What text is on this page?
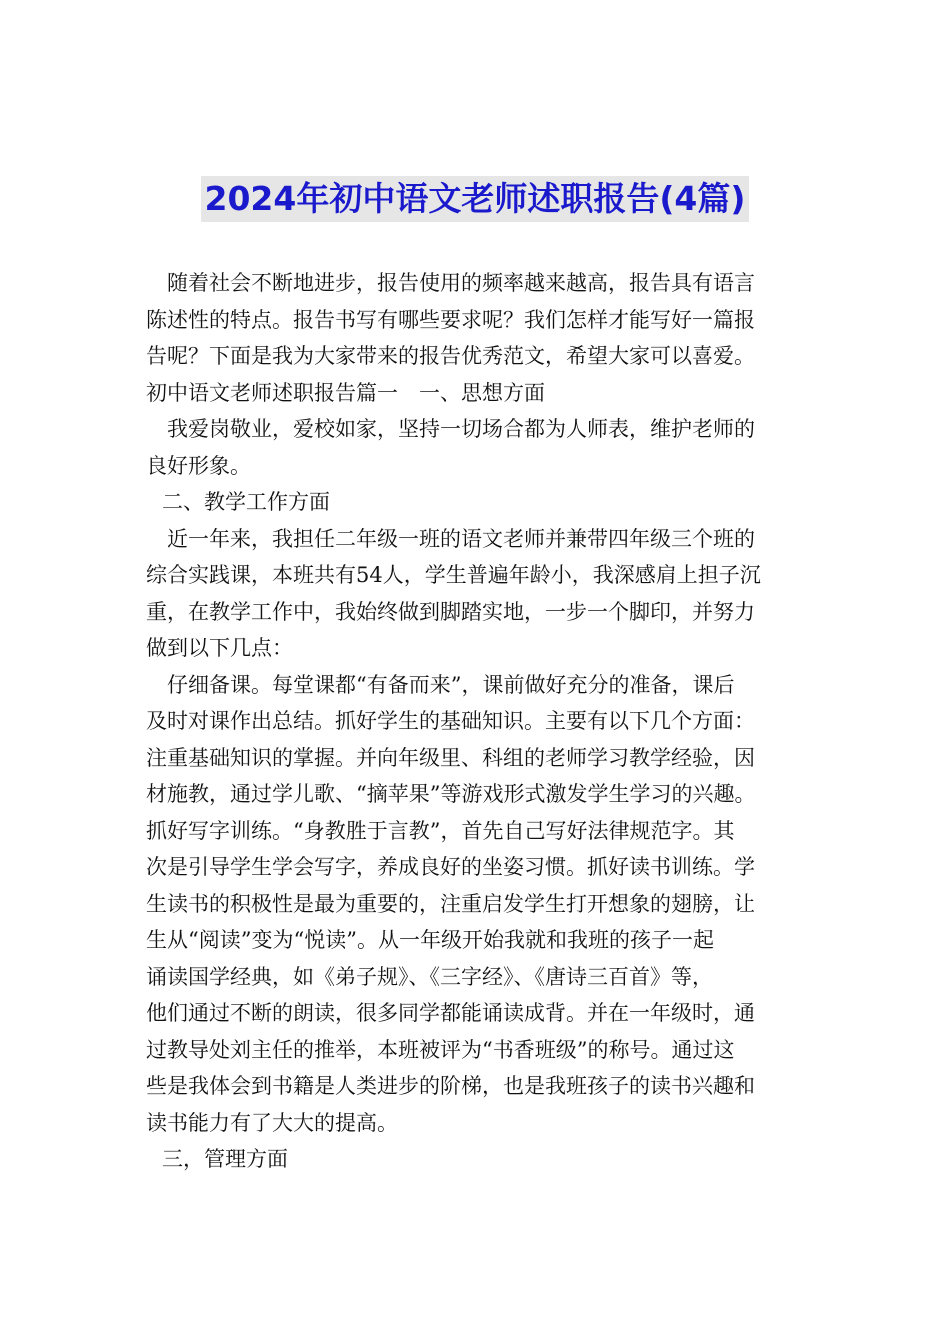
2024年初中语文老师述职报告(4篇)
随着社会不断地进步，报告使用的频率越来越高，报告具有语言
陈述性的特点。报告书写有哪些要求呢？我们怎样才能写好一篇报
告呢？下面是我为大家带来的报告优秀范文，希望大家可以喜爱。
初中语文老师述职报告篇一　一、思想方面
我爱岗敬业，爱校如家，坚持一切场合都为人师表，维护老师的
良好形象。
二、教学工作方面
近一年来，我担任二年级一班的语文老师并兼带四年级三个班的
综合实践课，本班共有54人，学生普遍年龄小，我深感肩上担子沉
重，在教学工作中，我始终做到脚踏实地，一步一个脚印，并努力
做到以下几点：
仔细备课。每堂课都“有备而来”，课前做好充分的准备，课后
及时对课作出总结。抓好学生的基础知识。主要有以下几个方面：
注重基础知识的掌握。并向年级里、科组的老师学习教学经验，因
材施教，通过学儿歌、“摘苹果”等游戏形式激发学生学习的兴趣。
抓好写字训练。“身教胜于言教”，首先自己写好法律规范字。其
次是引导学生学会写字，养成良好的坐姿习惯。抓好读书训练。学
生读书的积极性是最为重要的，注重启发学生打开想象的翅膀，让
生从“阅读”变为“悦读”。从一年级开始我就和我班的孩子一起
诵读国学经典，如《弟子规》、《三字经》、《唐诗三百首》等，
他们通过不断的朗读，很多同学都能诵读成背。并在一年级时，通
过教导处刘主任的推举，本班被评为“书香班级”的称号。通过这
些是我体会到书籍是人类进步的阶梯，也是我班孩子的读书兴趣和
读书能力有了大大的提高。
三，管理方面
